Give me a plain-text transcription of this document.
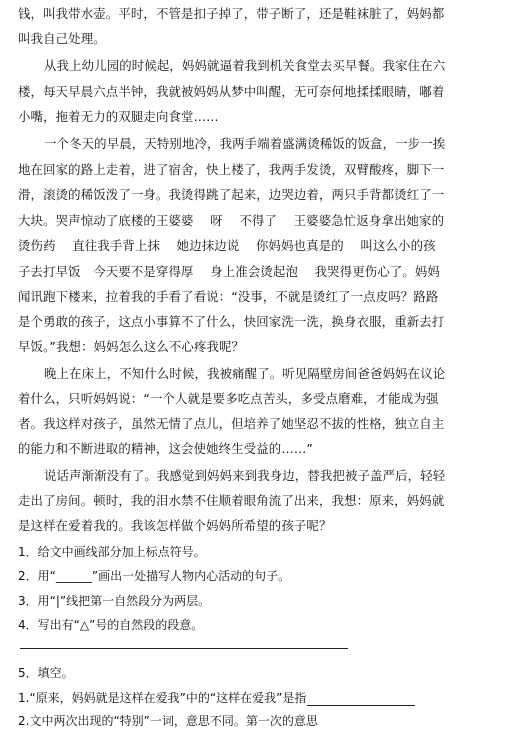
钱，叫我带水壶。平时，不管是扣子掉了，带子断了，还是鞋袜脏了，妈妈都
叫我自己处理。
从我上幼儿园的时候起，妈妈就逼着我到机关食堂去买早餐。我家住在六
楼，每天早晨六点半钟，我就被妈妈从梦中叫醒，无可奈何地揉揉眼睛，嘟着
小嘴，拖着无力的双腿走向食堂……
一个冬天的早晨，天特别地冷，我两手端着盛满烫稀饭的饭盒，一步一挨
地在回家的路上走着，进了宿舍，快上楼了，我两手发烫，双臂酸疼，脚下一
滑，滚烫的稀饭泼了一身。我烫得跳了起来，边哭边着，两只手背都烫红了一
大块。哭声惊动了底楼的王婆婆　 呀　 不得了　 王婆婆急忙返身拿出她家的
烫伤药　 直往我手背上抹　 她边抹边说　 你妈妈也真是的　 叫这么小的孩
子去打早饭　今天要不是穿得厚　 身上准会烫起泡　 我哭得更伤心了。妈妈
闻讯跑下楼来，拉着我的手看了看说：“没事，不就是烫红了一点皮吗？路路
是个勇敢的孩子，这点小事算不了什么，快回家洗一洗，换身衣服，重新去打
早饭。”我想：妈妈怎么这么不心疼我呢？
晚上在床上，不知什么时候，我被痛醒了。听见隔壁房间爸爸妈妈在议论
着什么，只听妈妈说：“一个人就是要多吃点苦头，多受点磨难，才能成为强
者。我这样对孩子，虽然无情了点儿，但培养了她坚忍不拔的性格，独立自主
的能力和不断进取的精神，这会使她终生受益的……”
说话声渐渐没有了。我感觉到妈妈来到我身边，替我把被子盖严后，轻轻
走出了房间。顿时，我的泪水禁不住顺着眼角流了出来，我想：原来，妈妈就
是这样在爱着我的。我该怎样做个妈妈所希望的孩子呢？
1．给文中画线部分加上标点符号。
2．用“______”画出一处描写人物内心活动的句子。
3．用“|”线把第一自然段分为两层。
4．写出有“△”号的自然段的段意。
5．填空。
1.“原来，妈妈就是这样在爱我”中的“这样在爱我”是指
2.文中两次出现的“特别”一词，意思不同。第一次的意思
